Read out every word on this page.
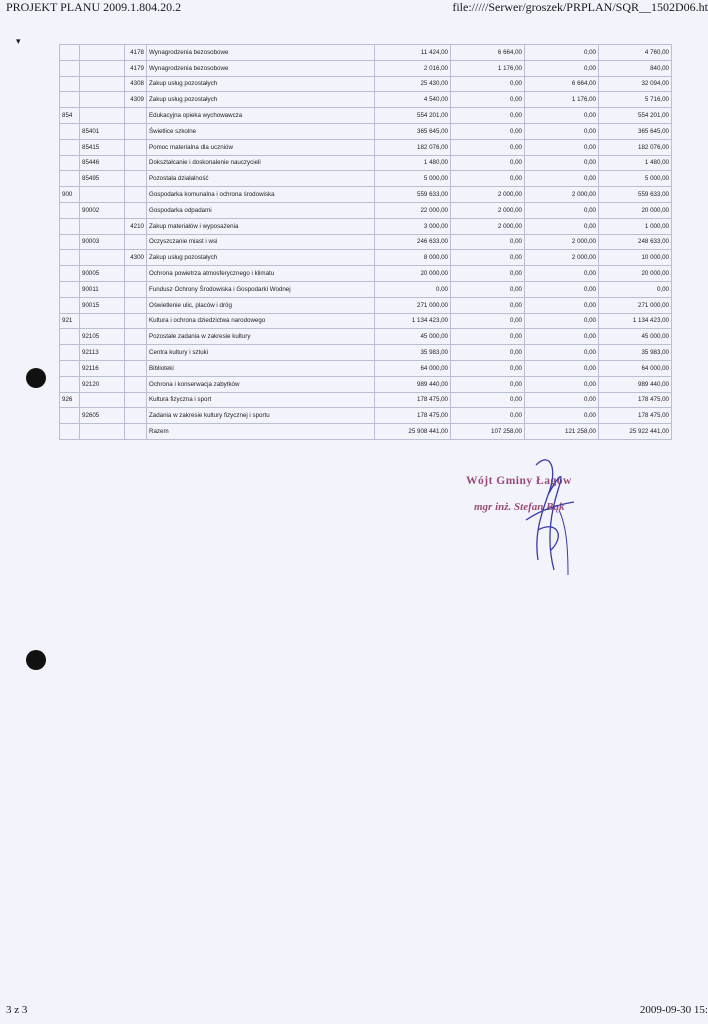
PROJEKT PLANU 2009.1.804.20.2	file://///Serwer/groszek/PRPLAN/SQR__1502D06.ht
▾
		4178	Wynagrodzenia bezosobowe	11 424,00	6 664,00	0,00	4 760,00
		4179	Wynagrodzenia bezosobowe	2 016,00	1 176,00	0,00	840,00
		4308	Zakup usług pozostałych	25 430,00	0,00	6 664,00	32 094,00
		4309	Zakup usług pozostałych	4 540,00	0,00	1 176,00	5 716,00
854			Edukacyjna opieka wychowawcza	554 201,00	0,00	0,00	554 201,00
	85401		Świetlice szkolne	365 645,00	0,00	0,00	365 645,00
	85415		Pomoc materialna dla uczniów	182 076,00	0,00	0,00	182 076,00
	85446		Dokształcanie i doskonalenie nauczycieli	1 480,00	0,00	0,00	1 480,00
	85495		Pozostała działalność	5 000,00	0,00	0,00	5 000,00
900			Gospodarka komunalna i ochrona środowiska	559 633,00	2 000,00	2 000,00	559 633,00
	90002		Gospodarka odpadami	22 000,00	2 000,00	0,00	20 000,00
		4210	Zakup materiałów i wyposażenia	3 000,00	2 000,00	0,00	1 000,00
	90003		Oczyszczanie miast i wsi	246 633,00	0,00	2 000,00	248 633,00
		4300	Zakup usług pozostałych	8 000,00	0,00	2 000,00	10 000,00
	90005		Ochrona powietrza atmosferycznego i klimatu	20 000,00	0,00	0,00	20 000,00
	90011		Fundusz Ochrony Środowiska i Gospodarki Wodnej	0,00	0,00	0,00	0,00
	90015		Oświetlenie ulic, placów i dróg	271 000,00	0,00	0,00	271 000,00
921			Kultura i ochrona dziedzictwa narodowego	1 134 423,00	0,00	0,00	1 134 423,00
	92105		Pozostałe zadania w zakresie kultury	45 000,00	0,00	0,00	45 000,00
	92113		Centra kultury i sztuki	35 983,00	0,00	0,00	35 983,00
	92116		Biblioteki	64 000,00	0,00	0,00	64 000,00
	92120		Ochrona i konserwacja zabytków	989 440,00	0,00	0,00	989 440,00
926			Kultura fizyczna i sport	178 475,00	0,00	0,00	178 475,00
	92605		Zadania w zakresie kultury fizycznej i sportu	178 475,00	0,00	0,00	178 475,00
			Razem	25 908 441,00	107 258,00	121 258,00	25 922 441,00
Wójt Gminy Łagów
mgr inż. Stefan Bąk
3 z 3	2009-09-30 15:
